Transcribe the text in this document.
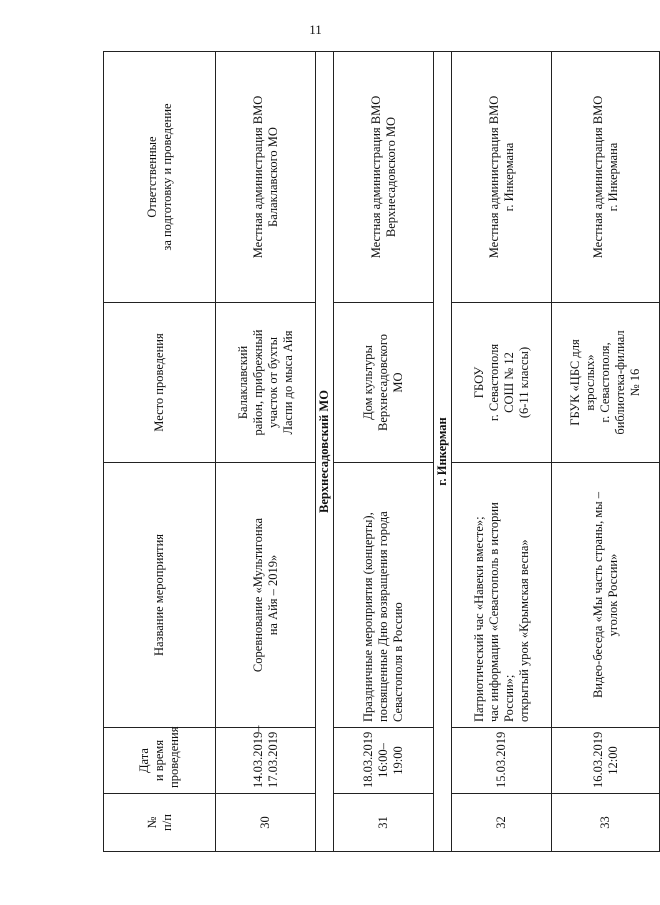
11
№
п/п	Дата
и время
проведения	Название мероприятия	Место проведения	Ответственные
за подготовку и проведение
30	14.03.2019–
17.03.2019	Соревнование «Мультигонка
на Айя – 2019»	Балаклавский
район, прибрежный
участок от бухты
Ласпи до мыса Айя	Местная администрация ВМО
Балаклавского МО
Верхнесадовский МО				
31	18.03.2019
16:00–19:00	Праздничные мероприятия (концерты),
посвященные Дню возвращения города
Севастополя в Россию	Дом культуры
Верхнесадовского
МО	Местная администрация ВМО
Верхнесадовского МО
г. Инкерман				
32	15.03.2019	Патриотический час «Навеки вместе»;
час информации «Севастополь в истории
России»;
открытый урок «Крымская весна»	ГБОУ
г. Севастополя
СОШ № 12
(6-11 классы)	Местная администрация ВМО
г. Инкермана
33	16.03.2019
12:00	Видео-беседа «Мы часть страны, мы –
уголок России»	ГБУК «ЦБС для
взрослых»
г. Севастополя,
библиотека-филиал
№ 16	Местная администрация ВМО
г. Инкермана
